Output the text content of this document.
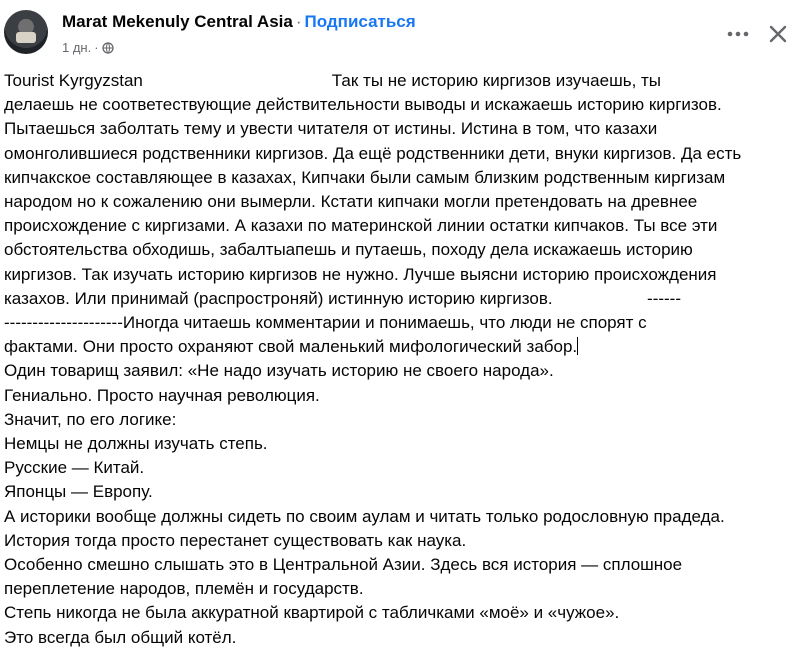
Marat Mekenuly Central Asia · Подписаться
1 дн. ·

Tourist Kyrgyzstan                                        Так ты не историю киргизов изучаешь, ты

делаешь не соответествующие действительности выводы и искажаешь историю киргизов.

Пытаешься заболтать тему и увести читателя от истины. Истина в том, что казахи

омонголившиеся родственники киргизов. Да ещё родственники дети, внуки киргизов. Да есть

кипчакское составляющее в казахах, Кипчаки были самым близким родственным киргизам

народом но к сожалению они вымерли. Кстати кипчаки могли претендовать на древнее

происхождение с киргизами. А казахи по материнской линии остатки кипчаков. Ты все эти

обстоятельства обходишь, забалтыапешь и путаешь, походу дела искажаешь историю

киргизов. Так изучать историю киргизов не нужно. Лучше выясни историю происхождения

казахов. Или принимай (распростроняй) истинную историю киргизов.                    ------

---------------------Иногда читаешь комментарии и понимаешь, что люди не спорят с

фактами. Они просто охраняют свой маленький мифологический забор.

Один товарищ заявил: «Не надо изучать историю не своего народа».

Гениально. Просто научная революция.

Значит, по его логике:

Немцы не должны изучать степь.

Русские — Китай.

Японцы — Европу.

А историки вообще должны сидеть по своим аулам и читать только родословную прадеда.

История тогда просто перестанет существовать как наука.

Особенно смешно слышать это в Центральной Азии. Здесь вся история — сплошное

переплетение народов, племён и государств.

Степь никогда не была аккуратной квартирой с табличками «моё» и «чужое».

Это всегда был общий котёл.
